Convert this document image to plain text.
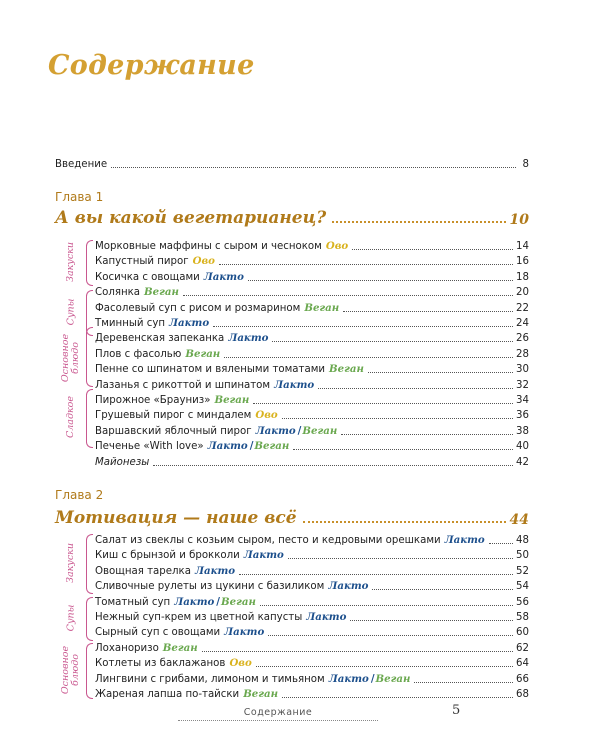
Содержание
Введение	8
Глава 1
А вы какой вегетарианец?	10
Закуски
Супы
Основное блюдо
Сладкое
Морковные маффины с сыром и чесноком Ово	14
Капустный пирог Ово	16
Косичка с овощами Лакто	18
Солянка Веган	20
Фасолевый суп с рисом и розмарином Веган	22
Тминный суп Лакто	24
Деревенская запеканка Лакто	26
Плов с фасолью Веган	28
Пенне со шпинатом и вялеными томатами Веган	30
Лазанья с рикоттой и шпинатом Лакто	32
Пирожное «Брауниз» Веган	34
Грушевый пирог с миндалем Ово	36
Варшавский яблочный пирог Лакто /Веган	38
Печенье «With love» Лакто /Веган	40
Майонезы	42
Глава 2
Мотивация — наше всё	44
Закуски
Супы
Основное блюдо
Салат из свеклы с козьим сыром, песто и кедровыми орешками Лакто	48
Киш с брынзой и брокколи Лакто	50
Овощная тарелка Лакто	52
Сливочные рулеты из цукини с базиликом Лакто	54
Томатный суп Лакто /Веган	56
Нежный суп-крем из цветной капусты Лакто	58
Сырный суп с овощами Лакто	60
Лоханоризо Веган	62
Котлеты из баклажанов Ово	64
Лингвини с грибами, лимоном и тимьяном Лакто /Веган	66
Жареная лапша по-тайски Веган	68
Содержание	5
